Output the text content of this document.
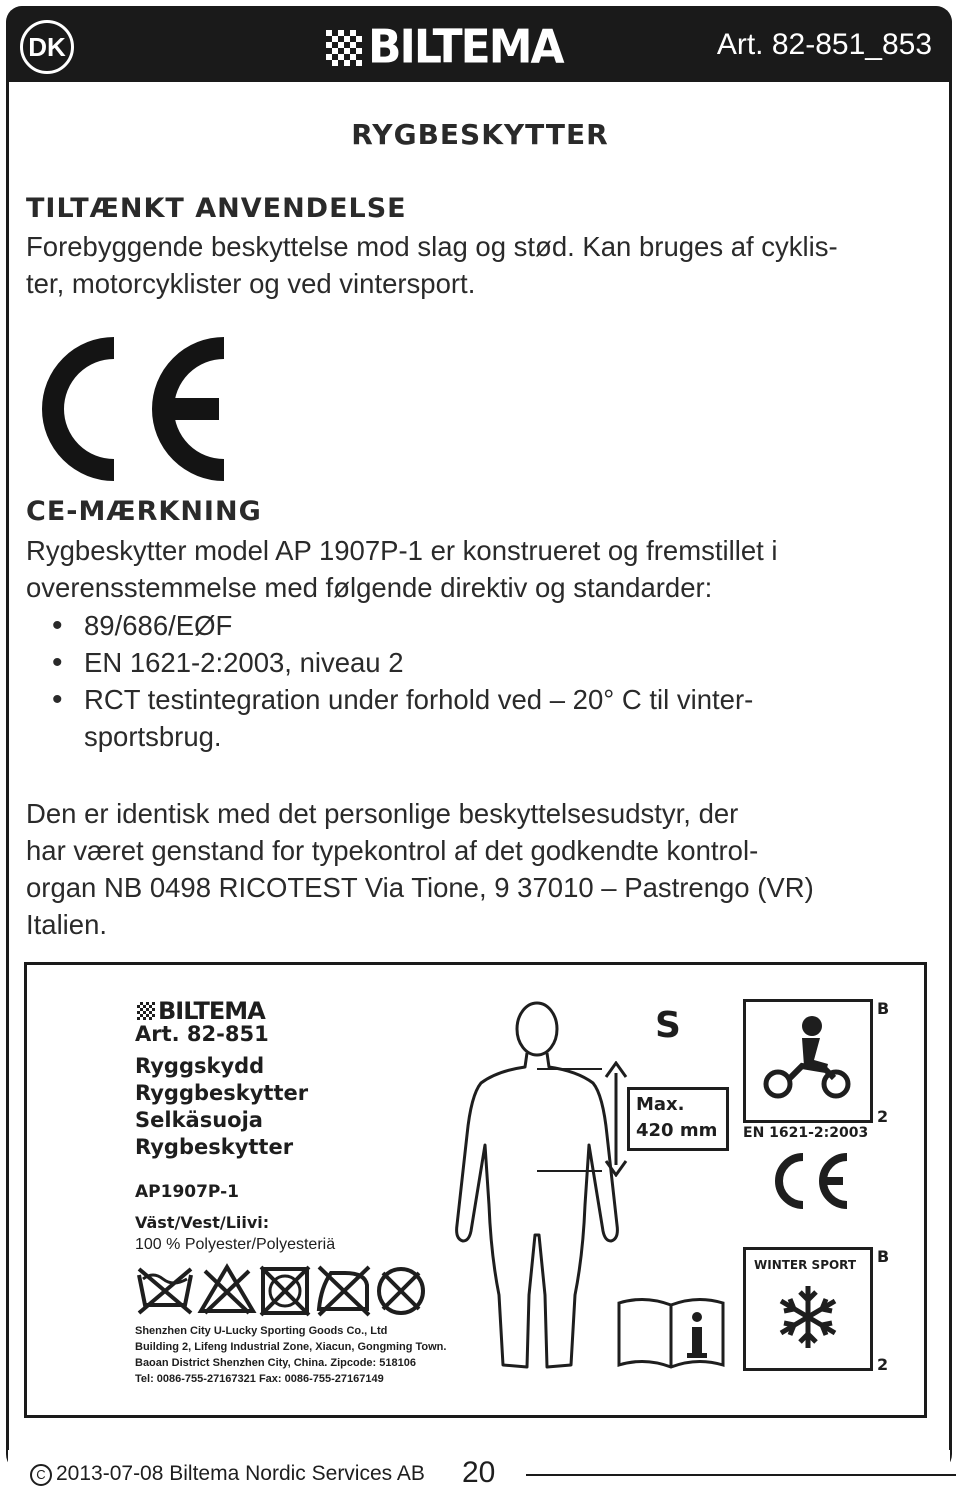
DK	BILTEMA	Art. 82-851_853
RYGBESKYTTER
TILTÆNKT ANVENDELSE

Forebyggende beskyttelse mod slag og stød. Kan bruges af cyklis-

ter, motorcyklister og ved vintersport.

CE-MÆRKNING

Rygbeskytter model AP 1907P-1 er konstrueret og fremstillet i

overensstemmelse med følgende direktiv og standarder:

• 89/686/EØF
• EN 1621-2:2003, niveau 2
• RCT testintegration under forhold ved – 20° C til vinter-
sportsbrug.

Den er identisk med det personlige beskyttelsesudstyr, der

har været genstand for typekontrol af det godkendte kontrol-

organ NB 0498 RICOTEST Via Tione, 9 37010 – Pastrengo (VR)

Italien.

BILTEMA
Art. 82-851
Ryggskydd
Ryggbeskytter
Selkäsuoja
Rygbeskytter
AP1907P-1
Väst/Vest/Liivi:
100 % Polyester/Polyesteriä
Shenzhen City U-Lucky Sporting Goods Co., Ltd
Building 2, Lifeng Industrial Zone, Xiacun, Gongming Town.
Baoan District Shenzhen City, China. Zipcode: 518106
Tel: 0086-755-27167321 Fax: 0086-755-27167149
S
Max.
420 mm
B
2
EN 1621-2:2003
WINTER SPORT B
2
C 2013-07-08 Biltema Nordic Services AB 20
